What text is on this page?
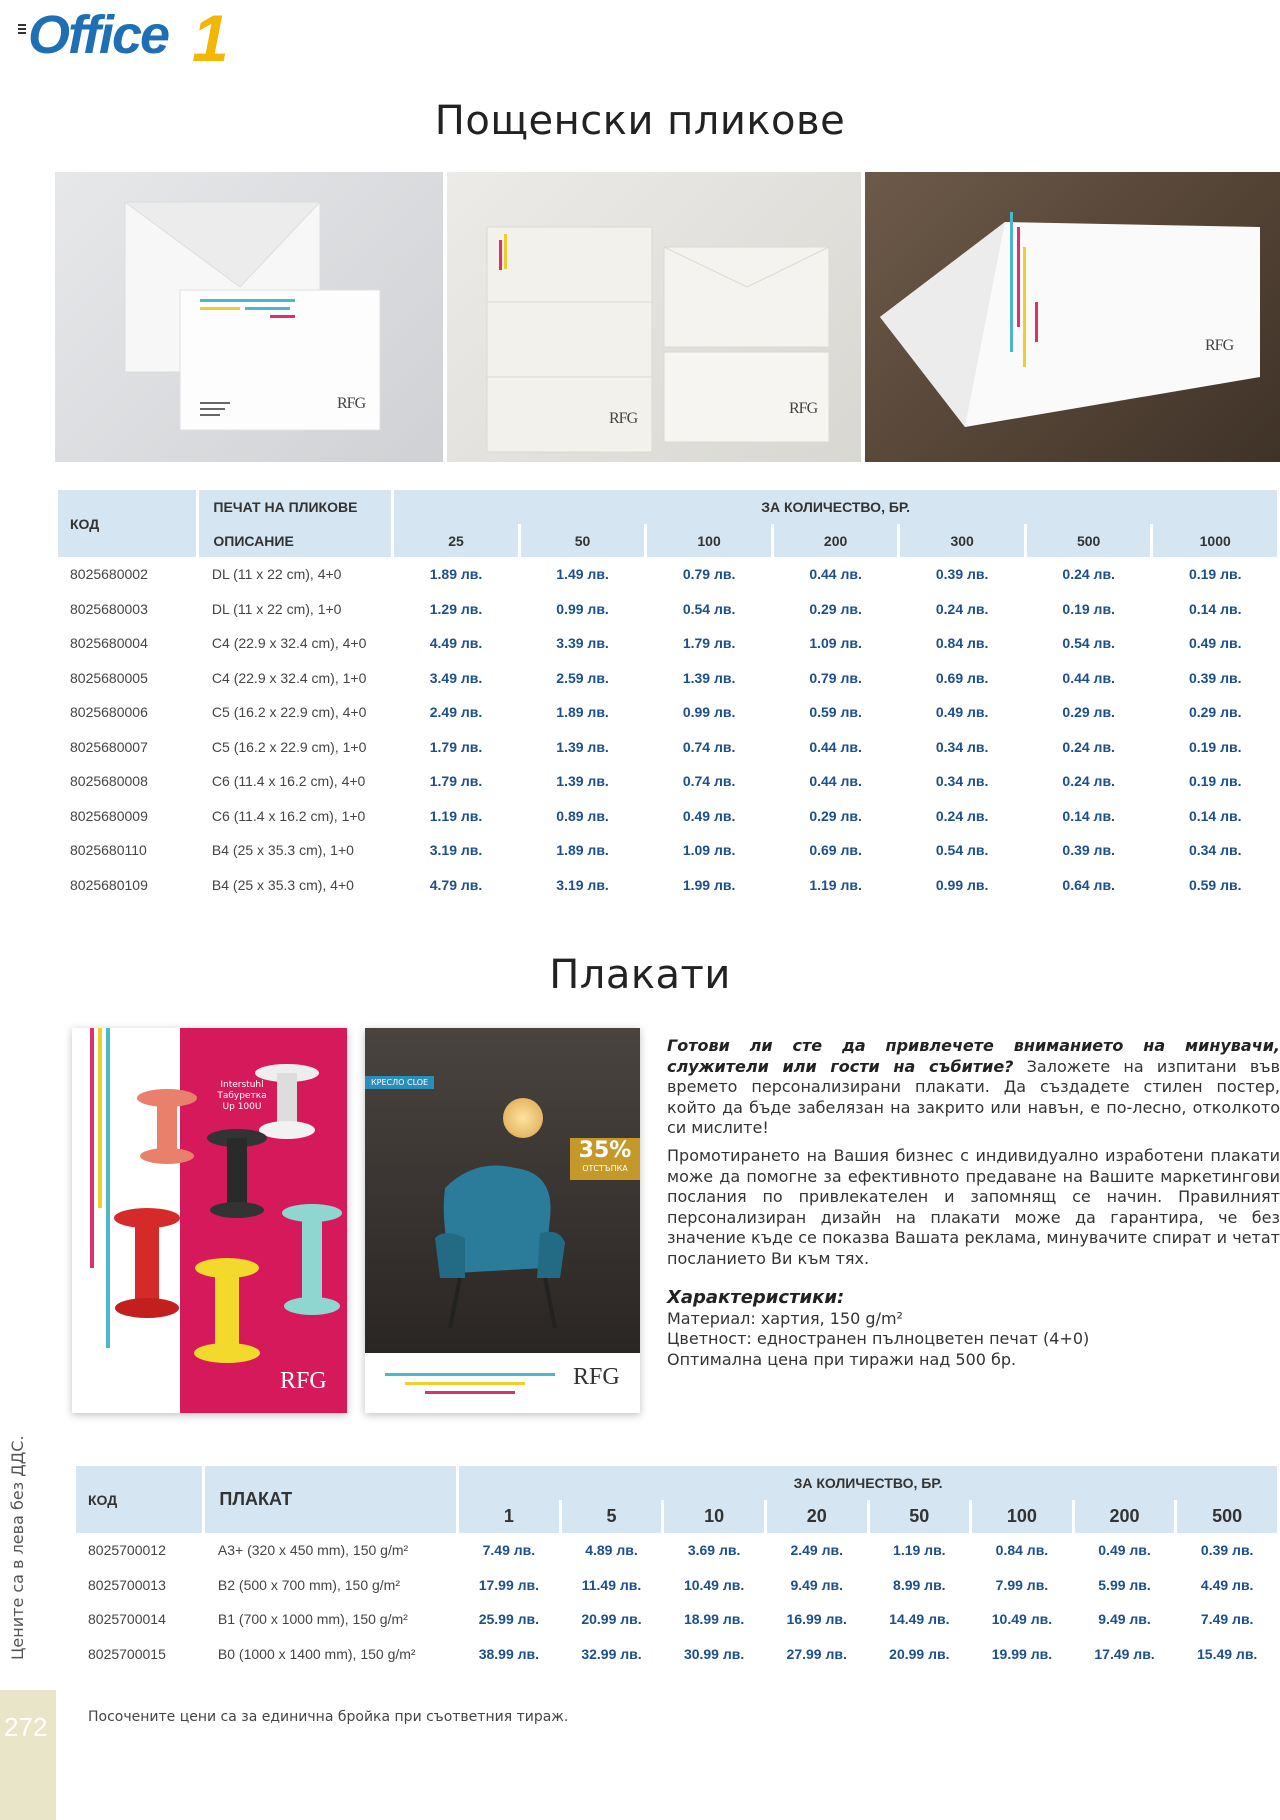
Office 1
Пощенски пликове
RFG
RFG
RFG
RFG
КОД	ПЕЧАТ НА ПЛИКОВЕ	ЗА КОЛИЧЕСТВО, БР.						
	ОПИСАНИЕ	25	50	100	200	300	500	1000
8025680002	DL (11 x 22 cm), 4+0	1.89 лв.	1.49 лв.	0.79 лв.	0.44 лв.	0.39 лв.	0.24 лв.	0.19 лв.
8025680003	DL (11 x 22 cm), 1+0	1.29 лв.	0.99 лв.	0.54 лв.	0.29 лв.	0.24 лв.	0.19 лв.	0.14 лв.
8025680004	C4 (22.9 x 32.4 cm), 4+0	4.49 лв.	3.39 лв.	1.79 лв.	1.09 лв.	0.84 лв.	0.54 лв.	0.49 лв.
8025680005	C4 (22.9 x 32.4 cm), 1+0	3.49 лв.	2.59 лв.	1.39 лв.	0.79 лв.	0.69 лв.	0.44 лв.	0.39 лв.
8025680006	C5 (16.2 x 22.9 cm), 4+0	2.49 лв.	1.89 лв.	0.99 лв.	0.59 лв.	0.49 лв.	0.29 лв.	0.29 лв.
8025680007	C5 (16.2 x 22.9 cm), 1+0	1.79 лв.	1.39 лв.	0.74 лв.	0.44 лв.	0.34 лв.	0.24 лв.	0.19 лв.
8025680008	C6 (11.4 x 16.2 cm), 4+0	1.79 лв.	1.39 лв.	0.74 лв.	0.44 лв.	0.34 лв.	0.24 лв.	0.19 лв.
8025680009	C6 (11.4 x 16.2 cm), 1+0	1.19 лв.	0.89 лв.	0.49 лв.	0.29 лв.	0.24 лв.	0.14 лв.	0.14 лв.
8025680110	B4 (25 x 35.3 cm), 1+0	3.19 лв.	1.89 лв.	1.09 лв.	0.69 лв.	0.54 лв.	0.39 лв.	0.34 лв.
8025680109	B4 (25 x 35.3 cm), 4+0	4.79 лв.	3.19 лв.	1.99 лв.	1.19 лв.	0.99 лв.	0.64 лв.	0.59 лв.
Плакати
Interstuhl Табуретка Up 100U
RFG
КРЕСЛО CLOE
35%
ОТСТЪПКА
RFG
Готови ли сте да привлечете вниманието на минувачи, служители или гости на събитие? Заложете на изпитани във времето персонализирани плакати. Да създадете стилен постер, който да бъде забелязан на закрито или навън, е по-лесно, отколкото си мислите!
Промотирането на Вашия бизнес с индивидуално изработени плакати може да помогне за ефективното предаване на Вашите маркетингови послания по привлекателен и запомнящ се начин. Правилният персонализиран дизайн на плакати може да гарантира, че без значение къде се показва Вашата реклама, минувачите спират и четат посланието Ви към тях.
Характеристики:
Материал: хартия, 150 g/m²
Цветност: едностранен пълноцветен печат (4+0)
Оптимална цена при тиражи над 500 бр.
КОД	ПЛАКАТ	ЗА КОЛИЧЕСТВО, БР.							
		1	5	10	20	50	100	200	500
8025700012	A3+ (320 x 450 mm), 150 g/m²	7.49 лв.	4.89 лв.	3.69 лв.	2.49 лв.	1.19 лв.	0.84 лв.	0.49 лв.	0.39 лв.
8025700013	B2 (500 x 700 mm), 150 g/m²	17.99 лв.	11.49 лв.	10.49 лв.	9.49 лв.	8.99 лв.	7.99 лв.	5.99 лв.	4.49 лв.
8025700014	B1 (700 x 1000 mm), 150 g/m²	25.99 лв.	20.99 лв.	18.99 лв.	16.99 лв.	14.49 лв.	10.49 лв.	9.49 лв.	7.49 лв.
8025700015	B0 (1000 x 1400 mm), 150 g/m²	38.99 лв.	32.99 лв.	30.99 лв.	27.99 лв.	20.99 лв.	19.99 лв.	17.49 лв.	15.49 лв.
Цените са в лева без ДДС.
272	Посочените цени са за единична бройка при съответния тираж.
